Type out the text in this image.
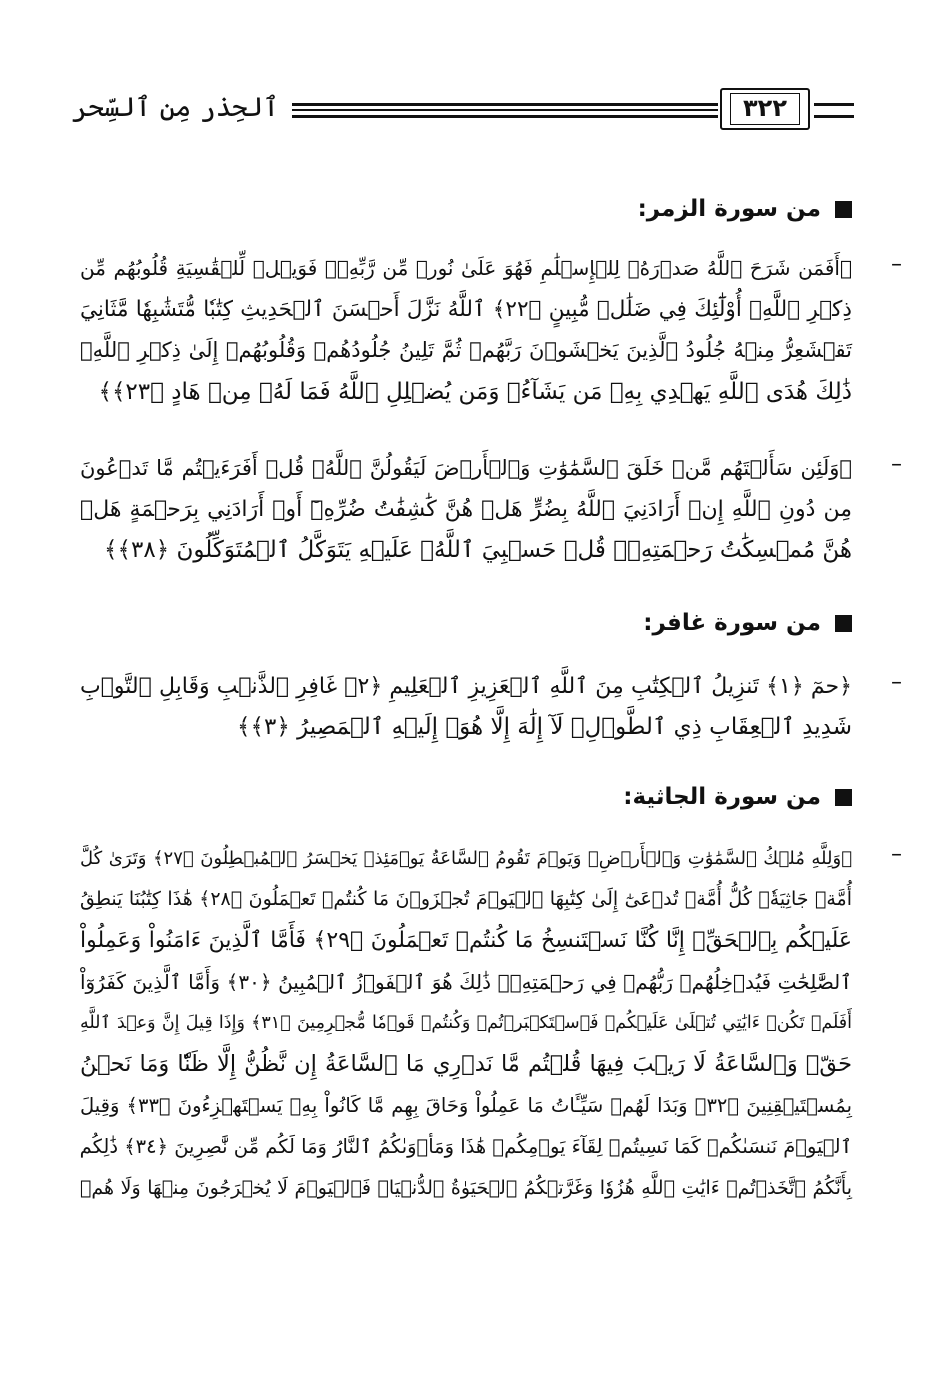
٣٢٢
ٱلحِذر مِن ٱلسِّحر
من سورة الزمر:
–
﴿أَفَمَن شَرَحَ ٱللَّهُ صَدۡرَهُۥ لِلۡإِسۡلَٰمِ فَهُوَ عَلَىٰ نُورٖ مِّن رَّبِّهِۦۚ فَوَيۡلٞ لِّلۡقَٰسِيَةِ قُلُوبُهُم مِّن
ذِكۡرِ ٱللَّهِۚ أُوْلَٰٓئِكَ فِي ضَلَٰلٖ مُّبِينٍ ﴿٢٢﴾ ٱللَّهُ نَزَّلَ أَحۡسَنَ ٱلۡحَدِيثِ كِتَٰبٗا مُّتَشَٰبِهٗا مَّثَانِيَ
تَقۡشَعِرُّ مِنۡهُ جُلُودُ ٱلَّذِينَ يَخۡشَوۡنَ رَبَّهُمۡ ثُمَّ تَلِينُ جُلُودُهُمۡ وَقُلُوبُهُمۡ إِلَىٰ ذِكۡرِ ٱللَّهِۚ
ذَٰلِكَ هُدَى ٱللَّهِ يَهۡدِي بِهِۦ مَن يَشَآءُۚ وَمَن يُضۡلِلِ ٱللَّهُ فَمَا لَهُۥ مِنۡ هَادٍ ﴿٢٣﴾﴾
–
﴿وَلَئِن سَأَلۡتَهُم مَّنۡ خَلَقَ ٱلسَّمَٰوَٰتِ وَٱلۡأَرۡضَ لَيَقُولُنَّ ٱللَّهُۚ قُلۡ أَفَرَءَيۡتُم مَّا تَدۡعُونَ
مِن دُونِ ٱللَّهِ إِنۡ أَرَادَنِيَ ٱللَّهُ بِضُرٍّ هَلۡ هُنَّ كَٰشِفَٰتُ ضُرِّهِۦٓ أَوۡ أَرَادَنِي بِرَحۡمَةٍ هَلۡ
هُنَّ مُمۡسِكَٰتُ رَحۡمَتِهِۦۚ قُلۡ حَسۡبِيَ ٱللَّهُۖ عَلَيۡهِ يَتَوَكَّلُ ٱلۡمُتَوَكِّلُونَ ﴿٣٨﴾﴾
من سورة غافر:
–
﴿حمٓ ﴿١﴾ تَنزِيلُ ٱلۡكِتَٰبِ مِنَ ٱللَّهِ ٱلۡعَزِيزِ ٱلۡعَلِيمِ ﴿٢﴾ غَافِرِ ٱلذَّنۢبِ وَقَابِلِ ٱلتَّوۡبِ
شَدِيدِ ٱلۡعِقَابِ ذِي ٱلطَّوۡلِۖ لَآ إِلَٰهَ إِلَّا هُوَۖ إِلَيۡهِ ٱلۡمَصِيرُ ﴿٣﴾﴾
من سورة الجاثية:
–
﴿وَلِلَّهِ مُلۡكُ ٱلسَّمَٰوَٰتِ وَٱلۡأَرۡضِۚ وَيَوۡمَ تَقُومُ ٱلسَّاعَةُ يَوۡمَئِذٖ يَخۡسَرُ ٱلۡمُبۡطِلُونَ ﴿٢٧﴾ وَتَرَىٰ كُلَّ
أُمَّةٖ جَاثِيَةٗۚ كُلُّ أُمَّةٖ تُدۡعَىٰٓ إِلَىٰ كِتَٰبِهَا ٱلۡيَوۡمَ تُجۡزَوۡنَ مَا كُنتُمۡ تَعۡمَلُونَ ﴿٢٨﴾ هَٰذَا كِتَٰبُنَا يَنطِقُ
عَلَيۡكُم بِٱلۡحَقِّۚ إِنَّا كُنَّا نَسۡتَنسِخُ مَا كُنتُمۡ تَعۡمَلُونَ ﴿٢٩﴾ فَأَمَّا ٱلَّذِينَ ءَامَنُواْ وَعَمِلُواْ
ٱلصَّٰلِحَٰتِ فَيُدۡخِلُهُمۡ رَبُّهُمۡ فِي رَحۡمَتِهِۦۚ ذَٰلِكَ هُوَ ٱلۡفَوۡزُ ٱلۡمُبِينُ ﴿٣٠﴾ وَأَمَّا ٱلَّذِينَ كَفَرُوٓاْ
أَفَلَمۡ تَكُنۡ ءَايَٰتِي تُتۡلَىٰ عَلَيۡكُمۡ فَٱسۡتَكۡبَرۡتُمۡ وَكُنتُمۡ قَوۡمٗا مُّجۡرِمِينَ ﴿٣١﴾ وَإِذَا قِيلَ إِنَّ وَعۡدَ ٱللَّهِ
حَقّٞ وَٱلسَّاعَةُ لَا رَيۡبَ فِيهَا قُلۡتُم مَّا نَدۡرِي مَا ٱلسَّاعَةُ إِن نَّظُنُّ إِلَّا ظَنّٗا وَمَا نَحۡنُ
بِمُسۡتَيۡقِنِينَ ﴿٣٢﴾ وَبَدَا لَهُمۡ سَيِّـَٔاتُ مَا عَمِلُواْ وَحَاقَ بِهِم مَّا كَانُواْ بِهِۦ يَسۡتَهۡزِءُونَ ﴿٣٣﴾ وَقِيلَ
ٱلۡيَوۡمَ نَنسَىٰكُمۡ كَمَا نَسِيتُمۡ لِقَآءَ يَوۡمِكُمۡ هَٰذَا وَمَأۡوَىٰكُمُ ٱلنَّارُ وَمَا لَكُم مِّن نَّٰصِرِينَ ﴿٣٤﴾ ذَٰلِكُم
بِأَنَّكُمُ ٱتَّخَذۡتُمۡ ءَايَٰتِ ٱللَّهِ هُزُوٗا وَغَرَّتۡكُمُ ٱلۡحَيَوٰةُ ٱلدُّنۡيَاۚ فَٱلۡيَوۡمَ لَا يُخۡرَجُونَ مِنۡهَا وَلَا هُمۡ
